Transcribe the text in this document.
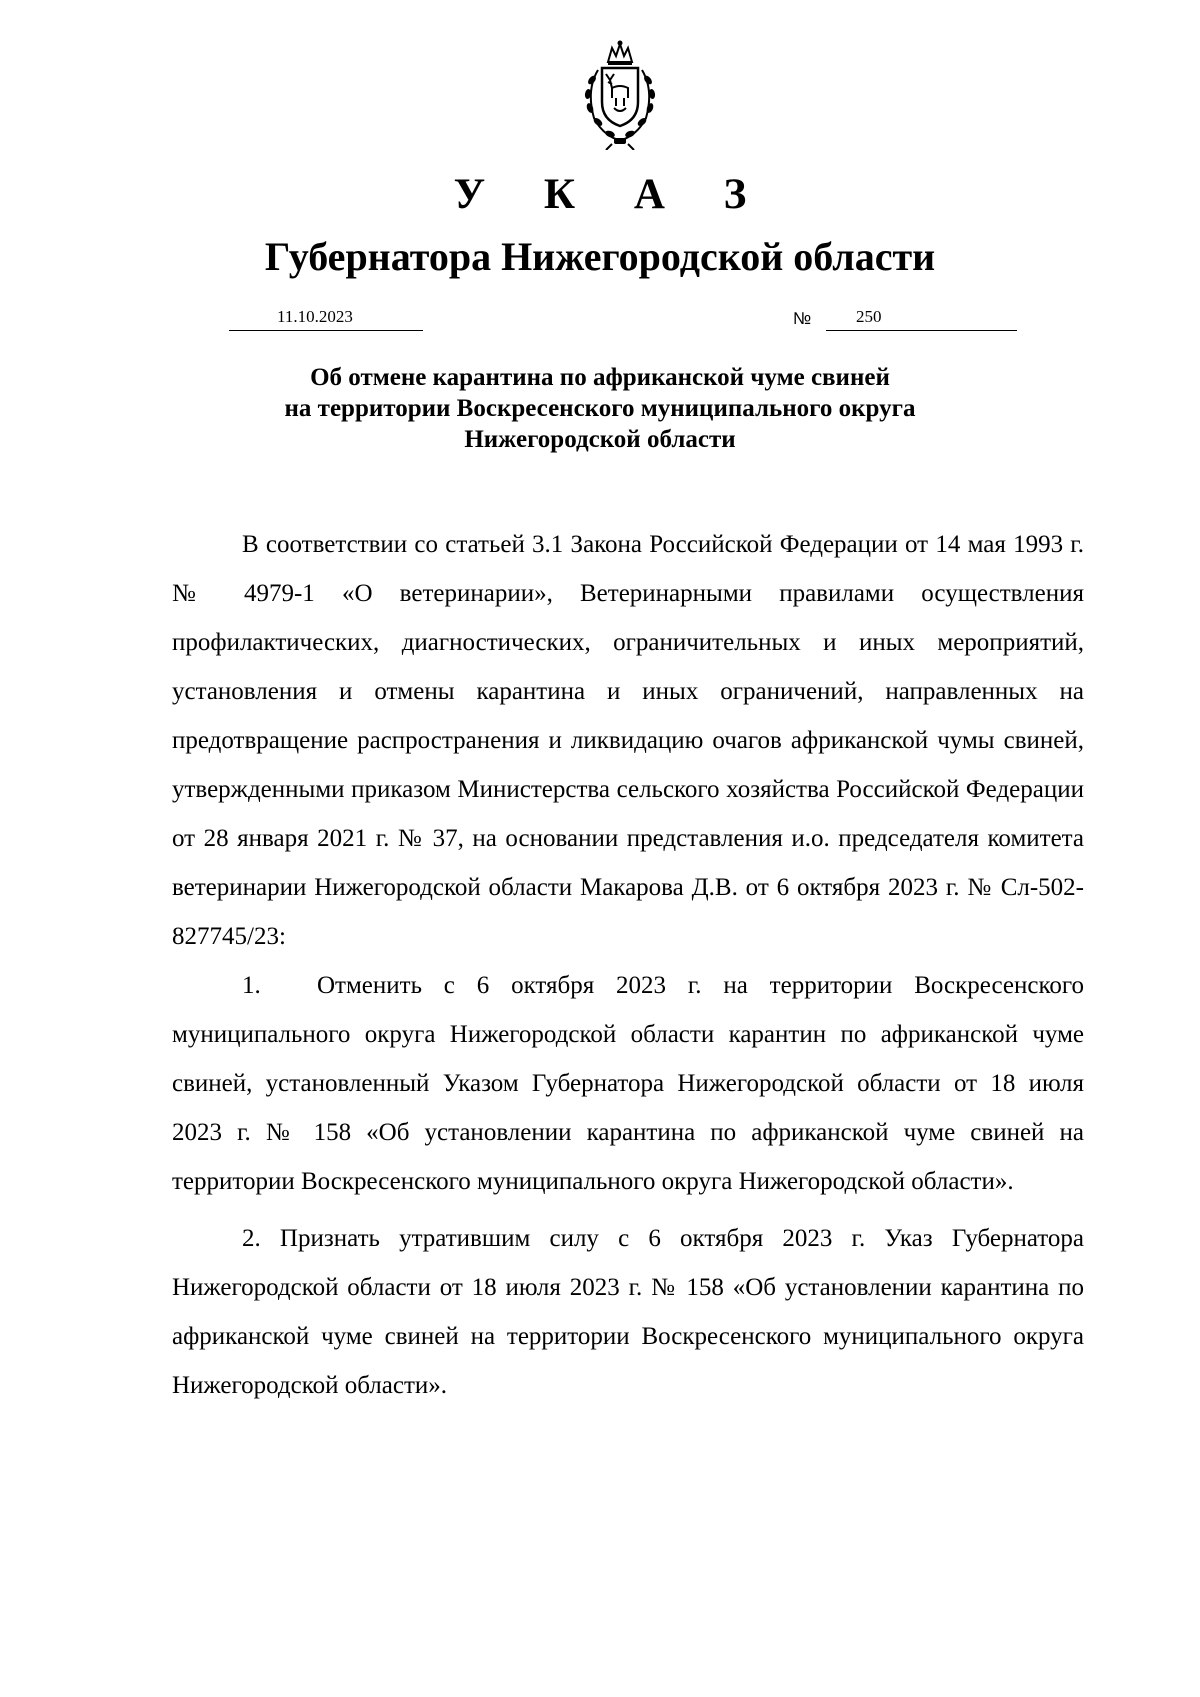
У К А З
Губернатора Нижегородской области
11.10.2023	№	250
Об отмене карантина по африканской чуме свиней
на территории Воскресенского муниципального округа
Нижегородской области

В соответствии со статьей 3.1 Закона Российской Федерации от 14 мая 1993 г. № 4979-1 «О ветеринарии», Ветеринарными правилами осуществления профилактических, диагностических, ограничительных и иных мероприятий, установления и отмены карантина и иных ограничений, направленных на предотвращение распространения и ликвидацию очагов африканской чумы свиней, утвержденными приказом Министерства сельского хозяйства Российской Федерации от 28 января 2021 г. № 37, на основании представления и.о. председателя комитета ветеринарии Нижегородской области Макарова Д.В. от 6 октября 2023 г. № Сл-502-827745/23:

1. Отменить с 6 октября 2023 г. на территории Воскресенского муниципального округа Нижегородской области карантин по африканской чуме свиней, установленный Указом Губернатора Нижегородской области от 18 июля 2023 г. № 158 «Об установлении карантина по африканской чуме свиней на территории Воскресенского муниципального округа Нижегородской области».

2. Признать утратившим силу с 6 октября 2023 г. Указ Губернатора Нижегородской области от 18 июля 2023 г. № 158 «Об установлении карантина по африканской чуме свиней на территории Воскресенского муниципального округа Нижегородской области».
